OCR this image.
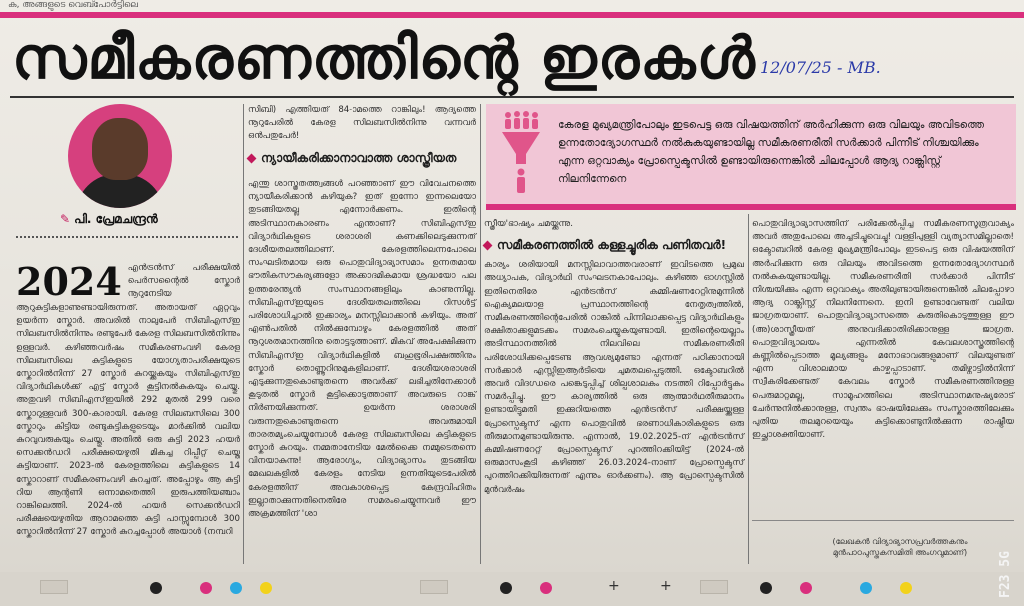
ക, അങ്ങളുടെ വെബ്പോർട്ടിലെ
സമീകരണത്തിന്റെ ഇരകൾ 12/07/25 - MB.
✎ പി. പ്രേമചന്ദ്രൻ
2024 എൻട്രൻസ് പരീക്ഷയിൽ പെർസന്റൈൽ സ്കോർ നൂറുനേടിയ ആറുകുട്ടികളാണുണ്ടായിരുന്നത്. അതായത് ഏറ്റവും ഉയർന്ന സ്കോർ. അവരിൽ നാലുപേർ സിബിഎസ്ഇ സിലബസിൽനിന്നും രണ്ടുപേർ കേരള സിലബസിൽനിന്നും ഉള്ളവർ. കഴിഞ്ഞവർഷം സമീകരണംവഴി കേരള സിലബസിലെ കുട്ടികളുടെ യോഗ്യതാപരീക്ഷയുടെ സ്കോറിൽനിന്ന് 27 സ്കോർ കുറയ്ക്കുകയും സിബിഎസ്ഇ വിദ്യാർഥികൾക്ക് എട്ട് സ്കോർ കൂട്ടിനൽകുകയും ചെയ്തു. അതുവഴി സിബിഎസ്ഇയിൽ 292 മുതൽ 299 വരെ സ്കോറുള്ളവർ 300-കാരായി. കേരള സിലബസിലെ 300 സ്കോറും കിട്ടിയ രണ്ടുകുട്ടികളുടെയും മാർക്കിൽ വലിയ കുറവുവരുകയും ചെയ്തു. അതിൽ ഒരു കുട്ടി 2023 ഹയർ സെക്കൻഡറി പരീക്ഷയെഴുതി മികച്ച റിപ്പീറ്റ് ചെയ്ത കുട്ടിയാണ്. 2023-ൽ കേരളത്തിലെ കുട്ടികളുടെ 14 സ്കോറാണ് സമീകരണംവഴി കുറച്ചത്. അപ്പോഴും ആ കുട്ടി റിയ ആന്റണി ഒന്നാമതെത്തി ഇരുപത്തിയഞ്ചാം റാങ്കിലെത്തി. 2024-ൽ ഹയർ സെക്കൻഡറി പരീക്ഷയെഴുതിയ ആറാമത്തെ കുട്ടി പാസ്സുമ്പോൾ 300 സ്കോറിൽനിന്ന് 27 സ്കോർ കുറച്ചപ്പോൾ അയാൾ (നമ്പറി
സിബി) എത്തിയത് 84-ാമത്തെ റാങ്കിലും! ആദ്യത്തെ നൂറുപേരിൽ കേരള സിലബസിൽനിന്നു വന്നവർ ഒൻപതുപേർ!
ന്യായീകരിക്കാനാവാത്ത ശാസ്ത്രീയത
എന്തു ശാസ്ത്രതത്ത്വങ്ങൾ പറഞ്ഞാണ് ഈ വിവേചനത്തെ ന്യായീകരിക്കാൻ കഴിയുക? ഇത് ഇന്നോ ഇന്നലെയോ തുടങ്ങിയതല്ല എന്നോർക്കണം. ഇതിന്റെ അടിസ്ഥാനകാരണം എന്താണ്? സിബിഎസ്ഇ വിദ്യാർഥികളുടെ ശരാശരി കണക്കിലെടുക്കുന്നത് ദേശീയതലത്തിലാണ്. കേരളത്തിലെന്നപോലെ സംഘടിതമായ ഒരു പൊതുവിദ്യാഭ്യാസമാം ഉന്നതമായ ഭൗതികസൗകര്യങ്ങളോ അക്കാദമികമായ ശ്രദ്ധയോ പല ഉത്തരേന്ത്യൻ സംസ്ഥാനങ്ങളിലും കാണുന്നില്ല. സിബിഎസ്ഇയുടെ ദേശീയതലത്തിലെ റിസൾട്ട് പരിശോധിച്ചാൽ ഇക്കാര്യം മനസ്സിലാക്കാൻ കഴിയും. അത് എൺപതിൽ നിൽക്കുമ്പോഴും കേരളത്തിൽ അത് നൂറുശതമാനത്തിനു തൊട്ടടുത്താണ്. മികവ് അപേക്ഷിക്കുന്ന സിബിഎസ്ഇ വിദ്യാർഥികളിൽ ബഹുഭൂരിപക്ഷത്തിനും സ്കോർ തൊണ്ണൂറിനുമുകളിലാണ്. ദേശീയശരാശരി എടുക്കുന്നതുകൊണ്ടുതന്നെ അവർക്ക് ലഭിച്ചതിനേക്കാൾ കൂടുതൽ സ്കോർ കൂട്ടിക്കൊടുത്താണ് അവരുടെ റാങ്ക് നിർണയിക്കുന്നത്. ഉയർന്ന ശരാശരി വരുന്നതുകൊണ്ടുതന്നെ അവരുമായി താരതമ്യംചെയ്യുമ്പോൾ കേരള സിലബസിലെ കുട്ടികളുടെ സ്കോർ കുറയും. നമ്മതാനേടിയ മേൽക്കൈ നമ്മുടെതന്നെ വിനയാകുന്നു! ആരോഗ്യം, വിദ്യാഭ്യാസം തുടങ്ങിയ മേഖലകളിൽ കേരളം നേടിയ ഉന്നതിയുടെപേരിൽ കേരളത്തിന് അവകാശപ്പെട്ട കേന്ദ്രവിഹിതം ഇല്ലാതാക്കുന്നതിനെതിരേ സമരംചെയ്യുന്നവർ ഈ അക്രമത്തിന് 'ശാ
കേരള മുഖ്യമന്ത്രിപോലും ഇടപെട്ട ഒരു വിഷയത്തിന് അർഹിക്കുന്ന ഒരു വിലയും അവിടത്തെ ഉന്നതോദ്യോഗസ്ഥർ നൽകുകയുണ്ടായില്ല സമീകരണരീതി സർക്കാർ പിന്നീട് നിശ്ചയിക്കും എന്ന ഒറ്റവാക്യം പ്രോസ്പെക്ടസിൽ ഉണ്ടായിരുന്നെങ്കിൽ ചിലപ്പോൾ ആദ്യ റാങ്ക്ലിസ്റ്റ് നിലനിന്നേനെ
സ്ത്രീയ'ഭാഷ്യം ചമയ്ക്കുന്നു.
സമീകരണത്തിൽ കള്ളച്ചൂരിക പണിതവർ!
കാര്യം ശരിയായി മനസ്സിലാവാത്തവരാണ് ഇവിടത്തെ പ്രമുഖ അധ്യാപക, വിദ്യാർഥി സംഘടനകാപോലും. കഴിഞ്ഞ ഓഗസ്റ്റിൽ ഇതിനെതിരേ എൻട്രൻസ് കമ്മിഷണറേറ്റിനുമുന്നിൽ ഐക്യമലയാള പ്രസ്ഥാനത്തിന്റെ നേതൃത്വത്തിൽ, സമീകരണത്തിന്റെപേരിൽ റാങ്കിൽ പിന്നിലാക്കപ്പെട്ട വിദ്യാർഥികളും രക്ഷിതാക്കളുമടക്കം സമരംചെയ്യുകയുണ്ടായി. ഇതിന്റെയെല്ലാം അടിസ്ഥാനത്തിൽ നിലവിലെ സമീകരണരീതി പരിശോധിക്കപ്പെടേണ്ട ആവശ്യമുണ്ടോ എന്നത് പഠിക്കാനായി സർക്കാർ എസ്സിഇആർടിയെ ചുമതലപ്പെടുത്തി. ഒക്ടോബറിൽ അവർ വിദഗ്ധരെ പങ്കെടുപ്പിച്ച് ശില്പശാലകം നടത്തി റിപ്പോർട്ടുകം സമർപ്പിച്ചു. ഈ കാര്യത്തിൽ ഒരു ആത്മാർഥതീരുമാനം ഉണ്ടായിട്ടുമതി ഇക്കുറിയത്തെ എൻട്രൻസ് പരീക്ഷയ്ക്കുള്ള പ്രോസ്പെക്ടസ് എന്ന പൊതുവിൽ ഭരണാധികാരികളുടെ ഒരു തീരുമാനമുണ്ടായിരുന്നു. എന്നാൽ, 19.02.2025-ന് എൻട്രൻസ് കമ്മിഷണറേറ്റ് പ്രോസ്പെക്ടസ് പുറത്തിറക്കിയിട്ട് (2024-ൽ ഒരുമാസംകൂടി കഴിഞ്ഞ് 26.03.2024-നാണ് പ്രോസ്പെക്ടസ് പുറത്തിറക്കിയിരുന്നത് എന്നും ഓർക്കണം). ആ പ്രോസ്പെക്ടസിൽ മുൻവർഷം
പൊതുവിദ്യാഭ്യാസത്തിന് പരിക്കേൽപ്പിച്ച സമീകരണസൂത്രവാക്യം അവർ അതുപോലെ അച്ചടിച്ചുവെച്ചു! വള്ളിപുള്ളി വ്യത്യാസമില്ലാതെ! ഒക്ടോബറിൽ കേരള മുഖ്യമന്ത്രിപോലും ഇടപെട്ട ഒരു വിഷയത്തിന് അർഹിക്കുന്ന ഒരു വിലയും അവിടത്തെ ഉന്നതോദ്യോഗസ്ഥർ നൽകുകയുണ്ടായില്ല. സമീകരണരീതി സർക്കാർ പിന്നീട് നിശ്ചയിക്കും എന്ന ഒറ്റവാക്യം അതിലുണ്ടായിരുന്നെങ്കിൽ ചിലപ്പോഴാ ആദ്യ റാങ്ക്ലിസ്റ്റ് നിലനിന്നേനെ. ഇനി ഉണ്ടാവേണ്ടത് വലിയ ജാഗ്രതയാണ്. പൊതുവിദ്യാഭ്യാസത്തെ കുരുതികൊടുത്തുള്ള ഈ (അ)ശാസ്ത്രീയത് അനുവദിക്കാതിരിക്കാനുള്ള ജാഗ്രത. പൊതുവിദ്യാലയം എന്നതിൽ കേവലശാസ്ത്രത്തിന്റെ കണ്ണിൽപ്പെടാത്ത മൂല്യങ്ങളും മനോഭാവങ്ങളുമാണ് വിലയുണ്ടത് എന്ന വിശാലമായ കാഴ്ചപ്പാടാണ്. തമിഴ്നാട്ടിൽനിന്ന് സ്വീകരിക്കേണ്ടത് കേവലം സ്കോർ സമീകരണത്തിനുള്ള പെരുമാറ്റമല്ല, സാമൂഹത്തിലെ അടിസ്ഥാനമനുഷ്യരോട് ചേർന്നുനിൽക്കാനുള്ള, സ്വന്തം ഭാഷയിലേക്കും സംസ്കാരത്തിലേക്കും പുതിയ തലമുറയെയും കുട്ടിക്കൊണ്ടുനിൽക്കുന്ന രാഷ്ട്രീയ ഇച്ഛാശക്തിയാണ്.
(ലേഖകൻ വിദ്യാഭ്യാസപ്രവർത്തകനും മുൻപാഠപുസ്തകസമിതി അംഗവുമാണ്)
+	+	F23 5G
